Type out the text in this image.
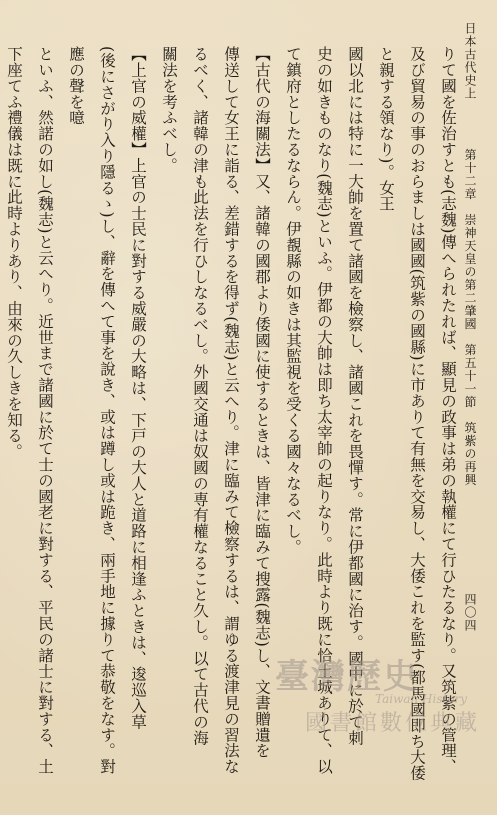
日本古代史上 　　　 第十二章　崇神天皇の第二肇國　第五十一節　筑紫の再興
四〇四
りて國を佐治すとも(志魏)傳へられたれば、顯見の政事は弟の執權にて行ひたるなり。又筑紫の管理、
及び貿易の事のおらましは國國(筑紫の國縣)に市ありて有無を交易し、大倭これを監す(都馬國即ち大倭と親する領なり)。女王
國以北には特に一大帥を置て諸國を檢察し、諸國これを畏憚す。常に伊都國に治す。國中に於て刺
史の如きものなり(魏志)といふ。伊都の大帥は即ち太宰帥の起りなり。此時より既に恰土城ありて、以
て鎮府としたるならん。伊覩縣の如きは其監視を受くる國々なるべし。
【古代の海關法】又、諸韓の國郡より倭國に使するときは、皆津に臨みて搜露(魏志)し、文書贈遺を
傳送して女王に詣る、差錯するを得ず(魏志)と云へり。津に臨みて檢察するは、謂ゆる渡津見の習法な
るべく、諸韓の津も此法を行ひしなるべし。外國交通は奴國の専有權なること久し。以て古代の海
關法を考ふべし。
【上官の威權】上官の士民に對する威嚴の大略は、下戸の大人と道路に相逢ふときは、逡巡入草
(後にさがり入り隱るゝ)し、辭を傳へて事を說き、或は蹲し或は跪き、兩手地に據りて恭敬をなす。對應の聲を噫
といふ、然諾の如し(魏志)と云へり。近世まで諸國に於て士の國老に對する、平民の諸士に對する、土
下座てふ禮儀は既に此時よりあり、由來の久しきを知る。
臺灣歷史
Taiwan History
國書館數位典藏
